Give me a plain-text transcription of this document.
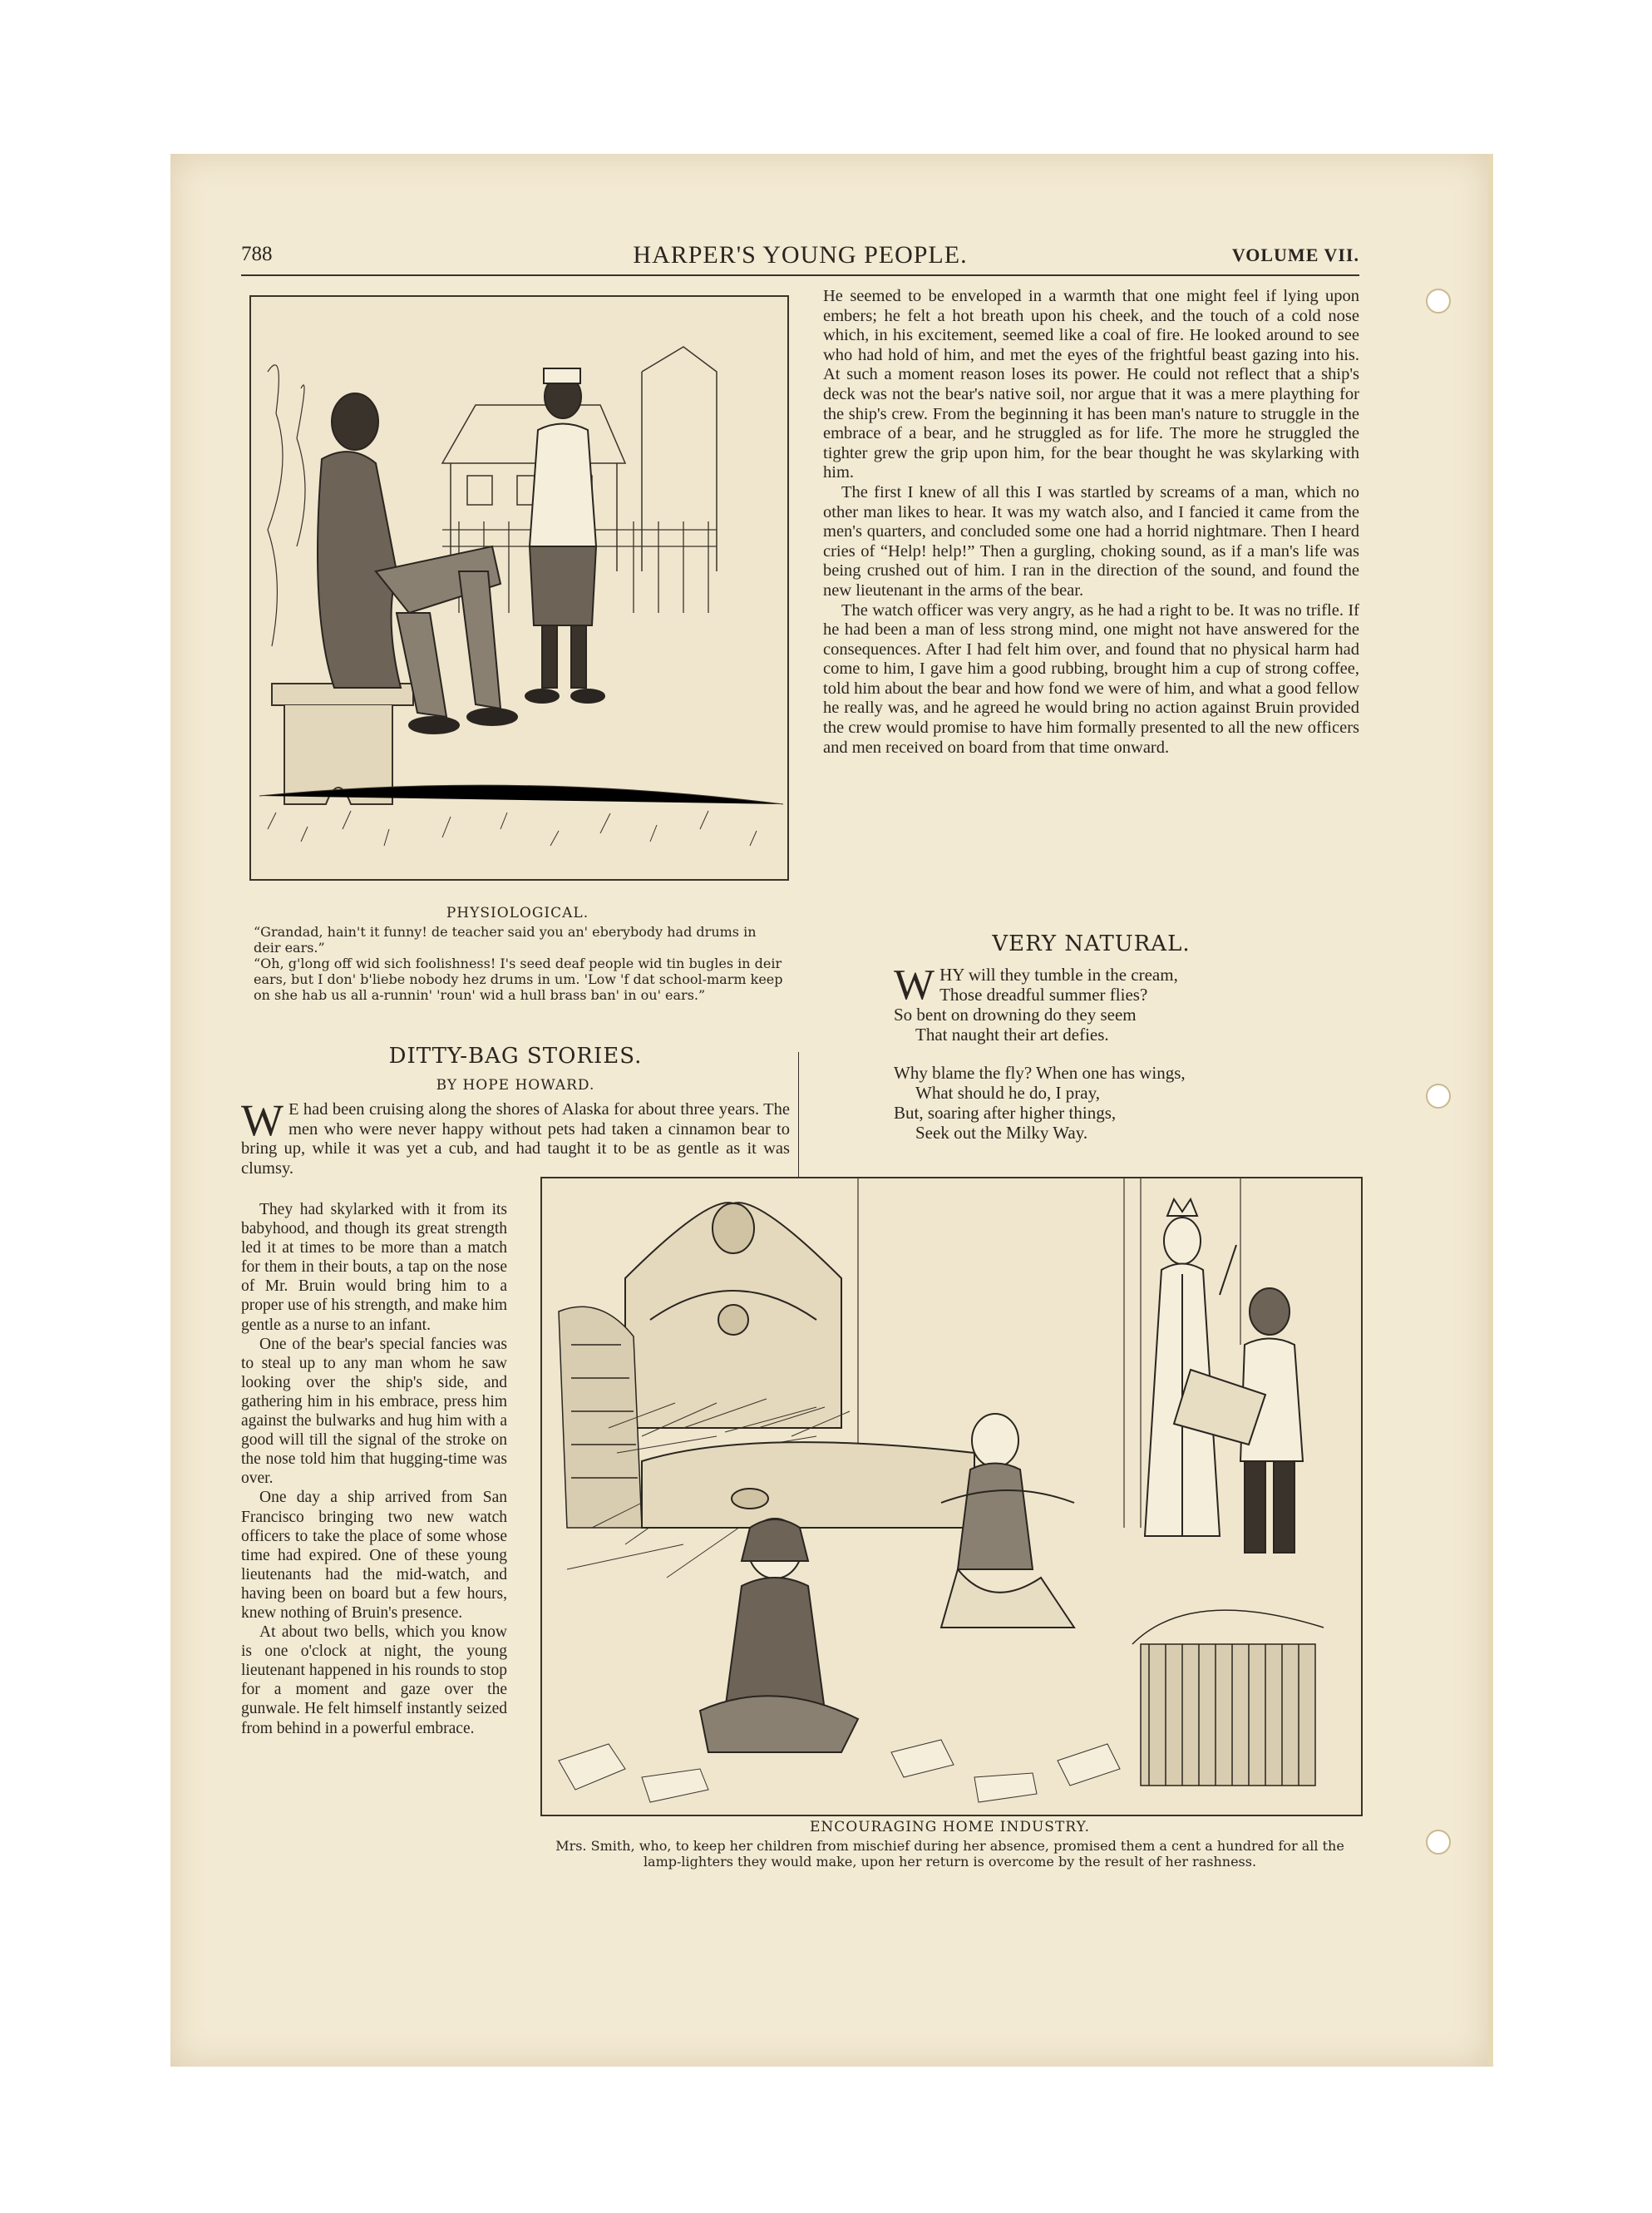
788	HARPER'S YOUNG PEOPLE.	VOLUME VII.
PHYSIOLOGICAL.
“Grandad, hain't it funny! de teacher said you an' eberybody had drums in deir ears.”
“Oh, g'long off wid sich foolishness! I's seed deaf people wid tin bugles in deir ears, but I don' b'liebe nobody hez drums in um. 'Low 'f dat school-marm keep on she hab us all a-runnin' 'roun' wid a hull brass ban' in ou' ears.”
DITTY-BAG STORIES.
BY HOPE HOWARD.

W E had been cruising along the shores of Alaska for about three years. The men who were never happy without pets had taken a cinnamon bear to bring up, while it was yet a cub, and had taught it to be as gentle as it was clumsy.

They had skylarked with it from its babyhood, and though its great strength led it at times to be more than a match for them in their bouts, a tap on the nose of Mr. Bruin would bring him to a proper use of his strength, and make him gentle as a nurse to an infant.

One of the bear's special fancies was to steal up to any man whom he saw looking over the ship's side, and gathering him in his embrace, press him against the bulwarks and hug him with a good will till the signal of the stroke on the nose told him that hugging-time was over.

One day a ship arrived from San Francisco bringing two new watch officers to take the place of some whose time had expired. One of these young lieutenants had the mid-watch, and having been on board but a few hours, knew nothing of Bruin's presence.

At about two bells, which you know is one o'clock at night, the young lieutenant happened in his rounds to stop for a moment and gaze over the gunwale. He felt himself instantly seized from behind in a powerful embrace.

He seemed to be enveloped in a warmth that one might feel if lying upon embers; he felt a hot breath upon his cheek, and the touch of a cold nose which, in his excitement, seemed like a coal of fire. He looked around to see who had hold of him, and met the eyes of the frightful beast gazing into his. At such a moment reason loses its power. He could not reflect that a ship's deck was not the bear's native soil, nor argue that it was a mere plaything for the ship's crew. From the beginning it has been man's nature to struggle in the embrace of a bear, and he struggled as for life. The more he struggled the tighter grew the grip upon him, for the bear thought he was skylarking with him.

The first I knew of all this I was startled by screams of a man, which no other man likes to hear. It was my watch also, and I fancied it came from the men's quarters, and concluded some one had a horrid nightmare. Then I heard cries of “Help! help!” Then a gurgling, choking sound, as if a man's life was being crushed out of him. I ran in the direction of the sound, and found the new lieutenant in the arms of the bear.

The watch officer was very angry, as he had a right to be. It was no trifle. If he had been a man of less strong mind, one might not have answered for the consequences. After I had felt him over, and found that no physical harm had come to him, I gave him a good rubbing, brought him a cup of strong coffee, told him about the bear and how fond we were of him, and what a good fellow he really was, and he agreed he would bring no action against Bruin provided the crew would promise to have him formally presented to all the new officers and men received on board from that time onward.

VERY NATURAL.
W HY will they tumble in the cream,
Those dreadful summer flies?
So bent on drowning do they seem
That naught their art defies.
Why blame the fly? When one has wings,
What should he do, I pray,
But, soaring after higher things,
Seek out the Milky Way.
ENCOURAGING HOME INDUSTRY.
Mrs. Smith, who, to keep her children from mischief during her absence, promised them a cent a hundred for all the lamp-lighters they would make, upon her return is overcome by the result of her rashness.
